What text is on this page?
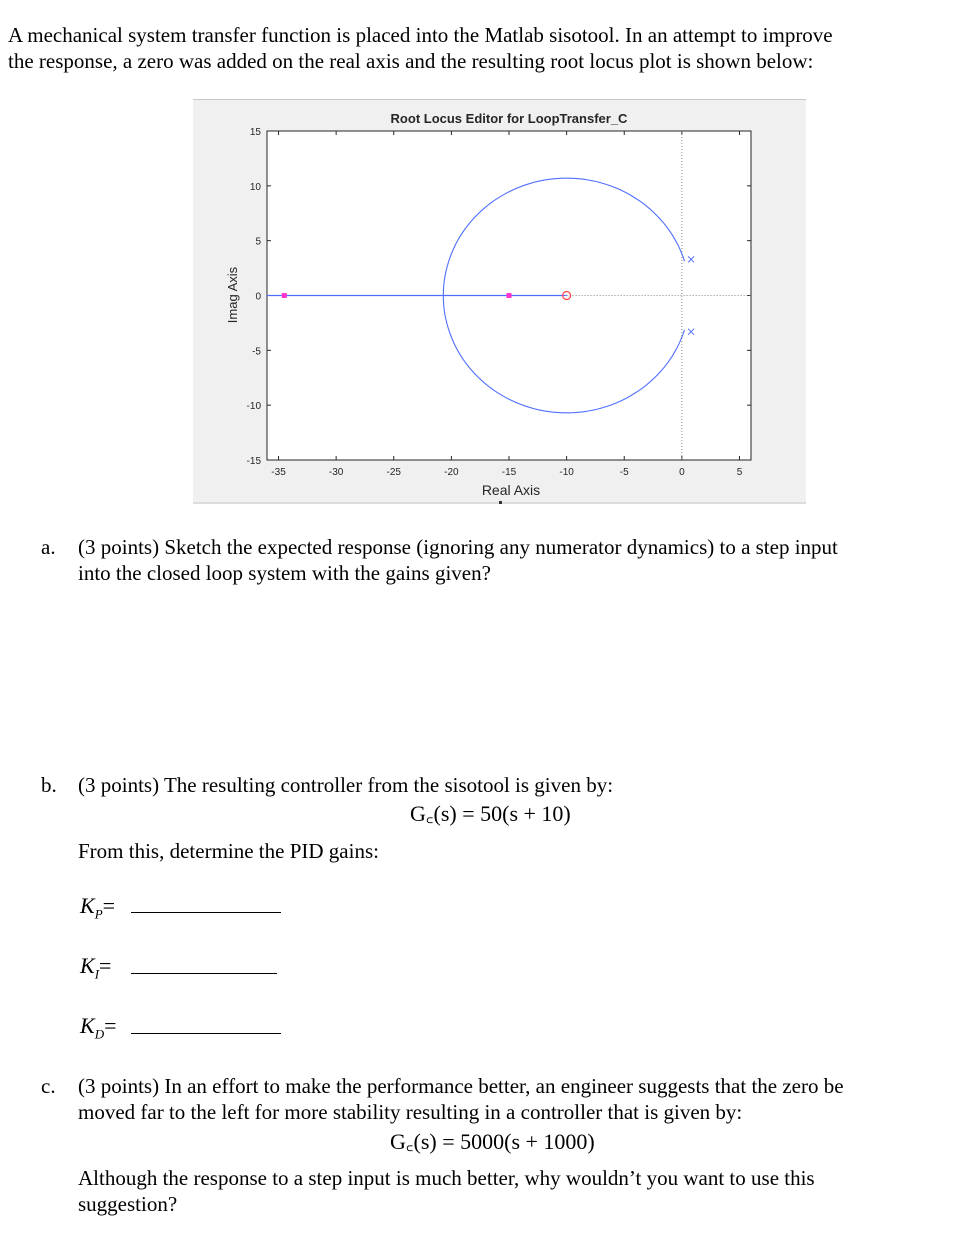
A mechanical system transfer function is placed into the Matlab sisotool. In an attempt to improve
the response, a zero was added on the real axis and the resulting root locus plot is shown below:
Root Locus Editor for LoopTransfer_C
Real Axis
Imag Axis
-35	-30	-25	-20	-15	-10	-5	0	5
15
10
5
0
-5
-10
-15
a. (3 points) Sketch the expected response (ignoring any numerator dynamics) to a step input
into the closed loop system with the gains given?
b. (3 points) The resulting controller from the sisotool is given by:
G꜀(s) = 50(s + 10)
From this, determine the PID gains:
$K_P=$
$K_I=$
$K_D=$
c. (3 points) In an effort to make the performance better, an engineer suggests that the zero be
moved far to the left for more stability resulting in a controller that is given by:
G꜀(s) = 5000(s + 1000)
Although the response to a step input is much better, why wouldn’t you want to use this
suggestion?
